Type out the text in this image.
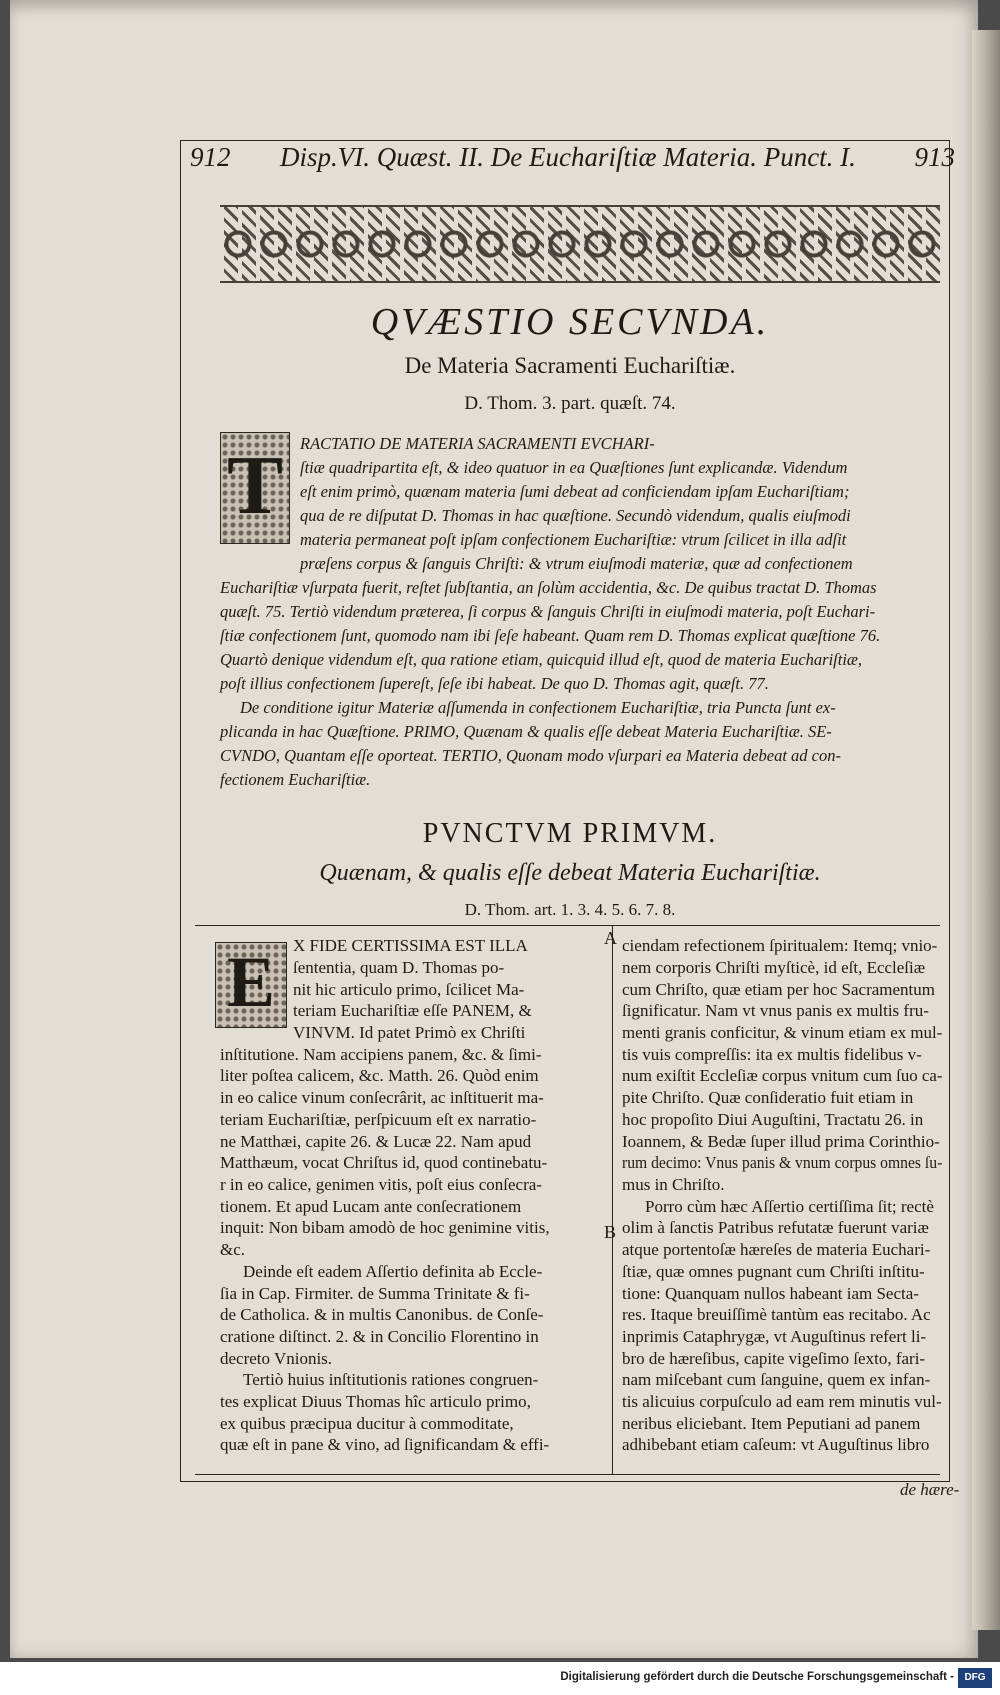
912 Disp.VI. Quæst. II. De Euchariſtiæ Materia. Punct. I. 913
QVÆSTIO SECVNDA.
De Materia Sacramenti Euchariſtiæ.
D. Thom. 3. part. quæſt. 74.
T	RACTATIO DE MATERIA SACRAMENTI EVCHARI-
ſtiæ quadripartita eſt, & ideo quatuor in ea Quæſtiones ſunt explicandæ. Videndum
eſt enim primò, quænam materia ſumi debeat ad conficiendam ipſam Euchariſtiam;
qua de re diſputat D. Thomas in hac quæſtione. Secundò videndum, qualis eiuſmodi
materia permaneat poſt ipſam confectionem Euchariſtiæ: vtrum ſcilicet in illa adſit
præſens corpus & ſanguis Chriſti: & vtrum eiuſmodi materiæ, quæ ad confectionem
Euchariſtiæ vſurpata fuerit, reſtet ſubſtantia, an ſolùm accidentia, &c. De quibus tractat D. Thomas
quæſt. 75. Tertiò videndum præterea, ſi corpus & ſanguis Chriſti in eiuſmodi materia, poſt Euchari-
ſtiæ confectionem ſunt, quomodo nam ibi ſeſe habeant. Quam rem D. Thomas explicat quæſtione 76.
Quartò denique videndum eſt, qua ratione etiam, quicquid illud eſt, quod de materia Euchariſtiæ,
poſt illius confectionem ſupereſt, ſeſe ibi habeat. De quo D. Thomas agit, quæſt. 77.
De conditione igitur Materiæ aſſumenda in confectionem Euchariſtiæ, tria Puncta ſunt ex-
plicanda in hac Quæſtione. PRIMO, Quænam & qualis eſſe debeat Materia Euchariſtiæ. SE-
CVNDO, Quantam eſſe oporteat. TERTIO, Quonam modo vſurpari ea Materia debeat ad con-
fectionem Euchariſtiæ.
PVNCTVM PRIMVM.
Quænam, & qualis eſſe debeat Materia Euchariſtiæ.
D. Thom. art. 1. 3. 4. 5. 6. 7. 8.
E	X FIDE CERTISSIMA EST ILLA
ſententia, quam D. Thomas po-
nit hic articulo primo, ſcilicet Ma-
teriam Euchariſtiæ eſſe PANEM, &
VINVM. Id patet Primò ex Chriſti
inſtitutione. Nam accipiens panem, &c. & ſimi-
liter poſtea calicem, &c. Matth. 26. Quòd enim
in eo calice vinum conſecrârit, ac inſtituerit ma-
teriam Euchariſtiæ, perſpicuum eſt ex narratio-
ne Matthæi, capite 26. & Lucæ 22. Nam apud
Matthæum, vocat Chriſtus id, quod continebatu-
r in eo calice, genimen vitis, poſt eius conſecra-
tionem. Et apud Lucam ante conſecrationem
inquit: Non bibam amodò de hoc genimine vitis,
&c.
Deinde eſt eadem Aſſertio definita ab Eccle-
ſia in Cap. Firmiter. de Summa Trinitate & fi-
de Catholica. & in multis Canonibus. de Conſe-
cratione diſtinct. 2. & in Concilio Florentino in
decreto Vnionis.
Tertiò huius inſtitutionis rationes congruen-
tes explicat Diuus Thomas hîc articulo primo,
ex quibus præcipua ducitur à commoditate,
quæ eſt in pane & vino, ad ſignificandam & effi-
A
B
ciendam refectionem ſpiritualem: Itemq; vnio-
nem corporis Chriſti myſticè, id eſt, Eccleſiæ
cum Chriſto, quæ etiam per hoc Sacramentum
ſignificatur. Nam vt vnus panis ex multis fru-
menti granis conficitur, & vinum etiam ex mul-
tis vuis compreſſis: ita ex multis fidelibus v-
num exiſtit Eccleſiæ corpus vnitum cum ſuo ca-
pite Chriſto. Quæ conſideratio fuit etiam in
hoc propoſito Diui Auguſtini, Tractatu 26. in
Ioannem, & Bedæ ſuper illud prima Corinthio-
rum decimo: Vnus panis & vnum corpus omnes ſu-
mus in Chriſto.
Porro cùm hæc Aſſertio certiſſima ſit; rectè
olim à ſanctis Patribus refutatæ fuerunt variæ
atque portentoſæ hæreſes de materia Euchari-
ſtiæ, quæ omnes pugnant cum Chriſti inſtitu-
tione: Quanquam nullos habeant iam Secta-
res. Itaque breuiſſimè tantùm eas recitabo. Ac
inprimis Cataphrygæ, vt Auguſtinus refert li-
bro de hæreſibus, capite vigeſimo ſexto, fari-
nam miſcebant cum ſanguine, quem ex infan-
tis alicuius corpuſculo ad eam rem minutis vul-
neribus eliciebant. Item Peputiani ad panem
adhibebant etiam caſeum: vt Auguſtinus libro
de hære-
Digitalisierung gefördert durch die Deutsche Forschungsgemeinschaft -	DFG
